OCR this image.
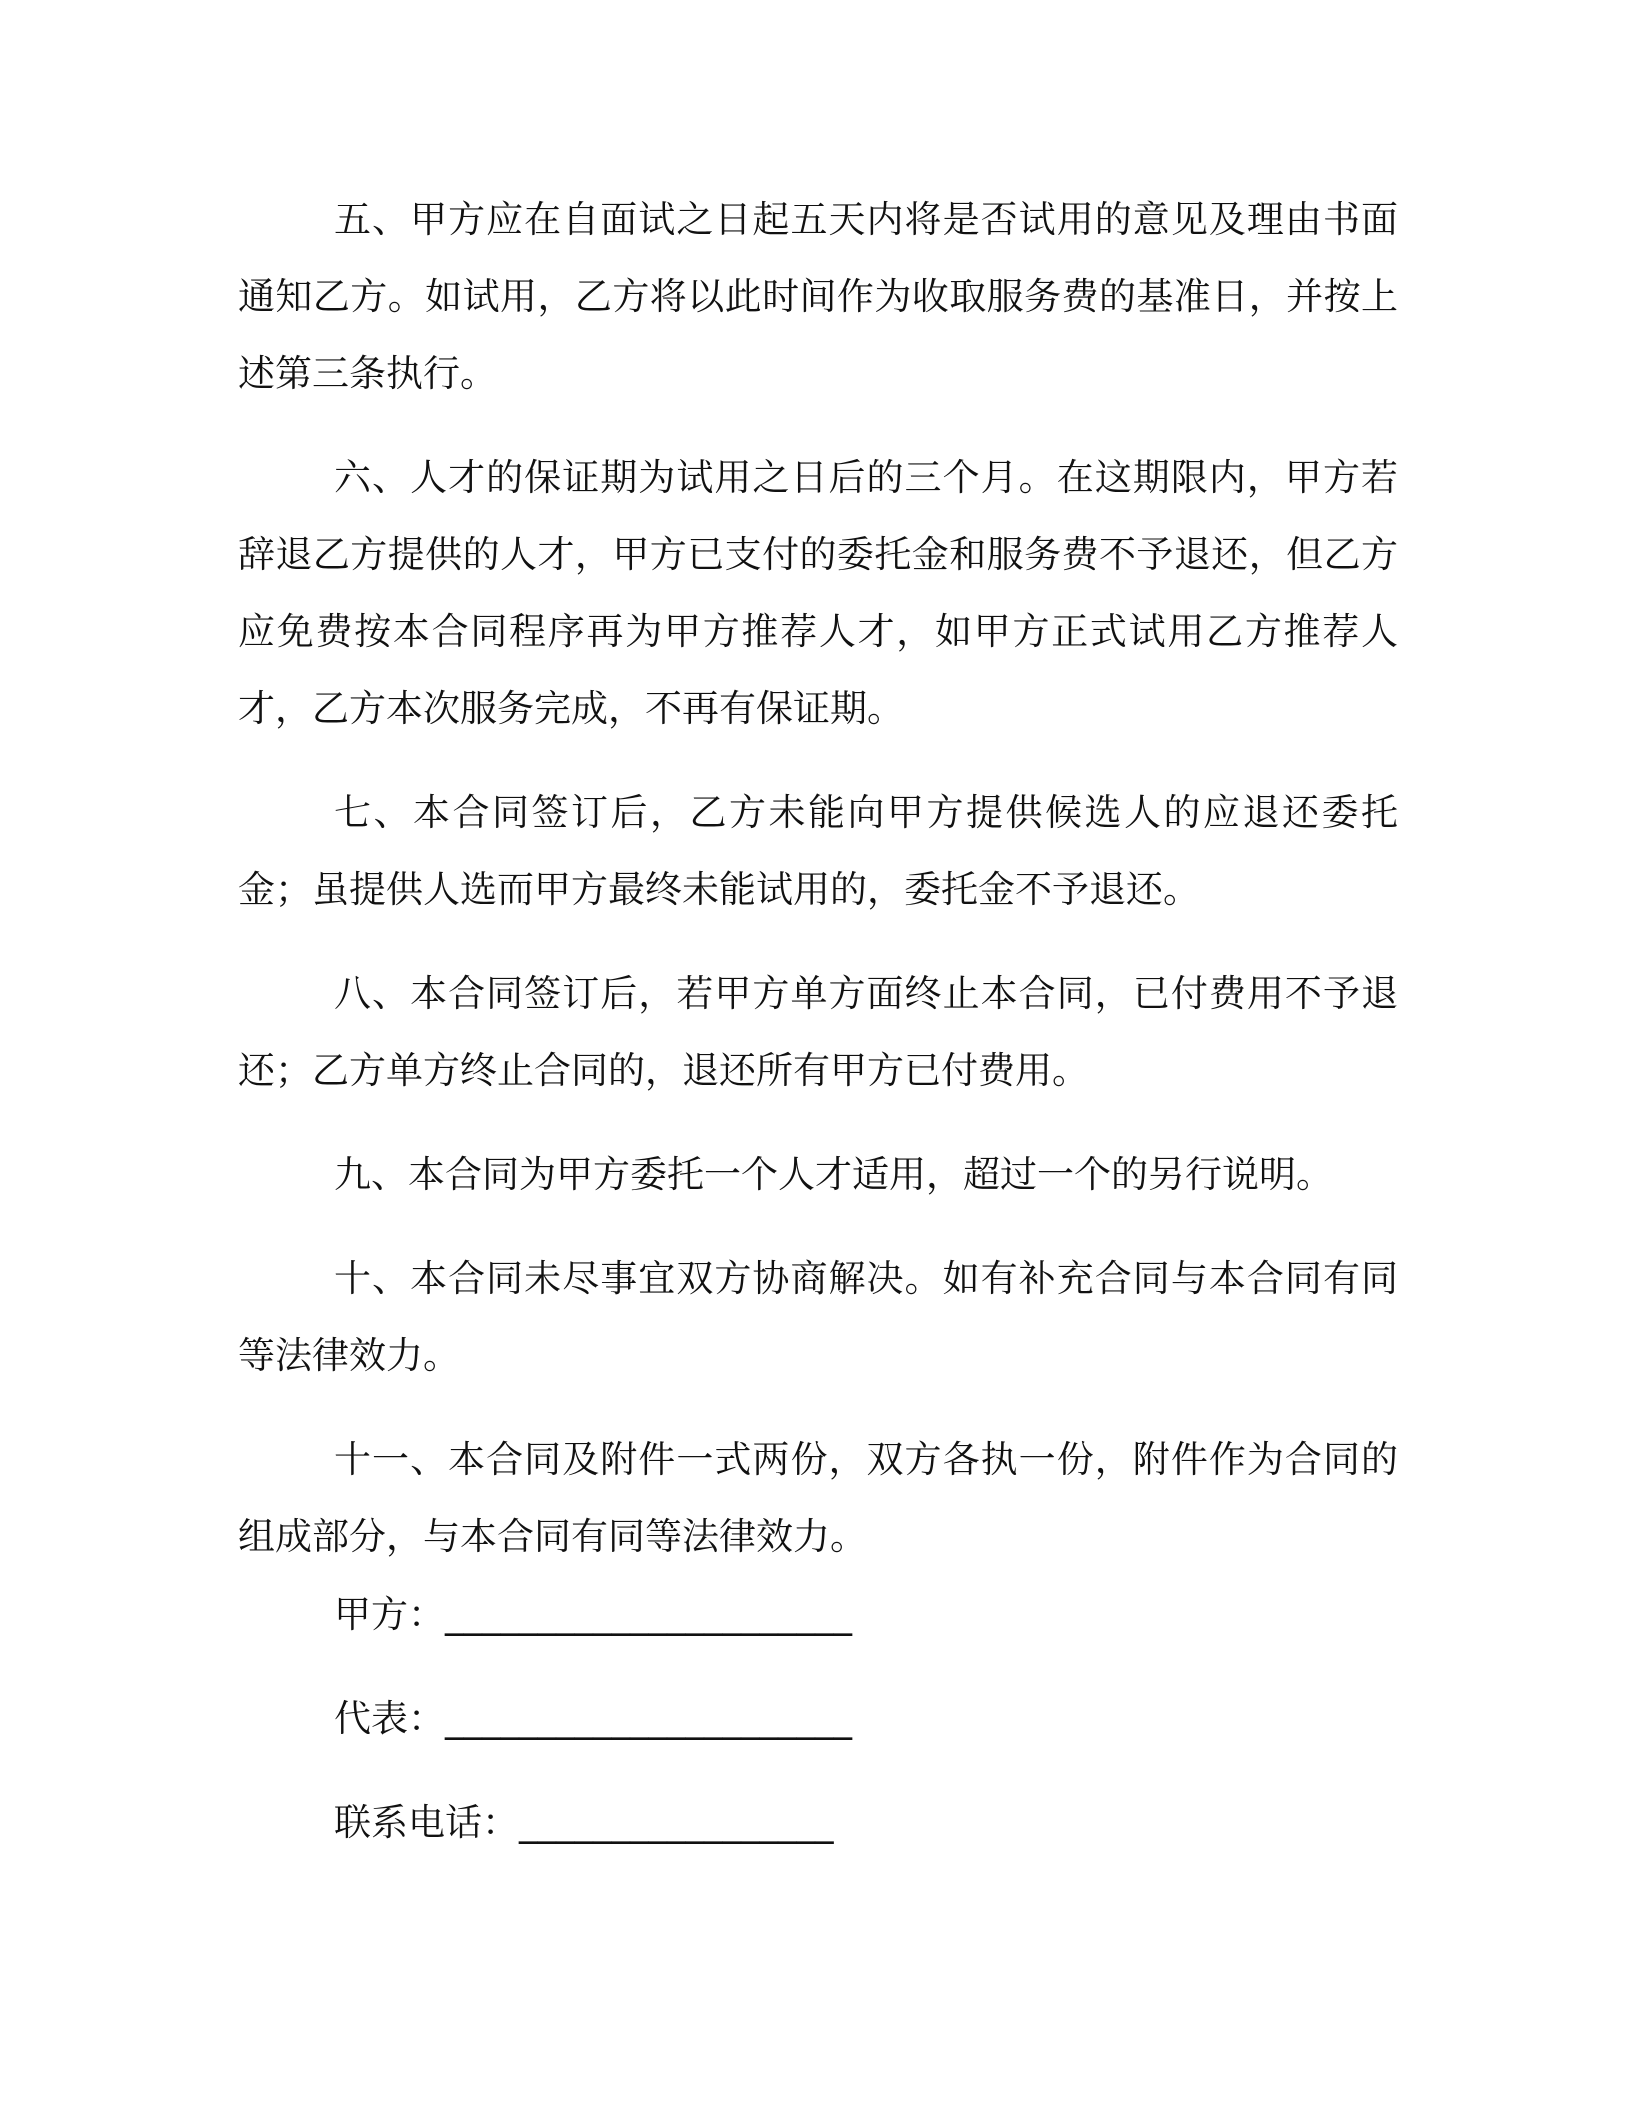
五、甲方应在自面试之日起五天内将是否试用的意见及理由书面通知乙方。如试用，乙方将以此时间作为收取服务费的基准日，并按上述第三条执行。

六、人才的保证期为试用之日后的三个月。在这期限内，甲方若辞退乙方提供的人才，甲方已支付的委托金和服务费不予退还，但乙方应免费按本合同程序再为甲方推荐人才，如甲方正式试用乙方推荐人才，乙方本次服务完成，不再有保证期。

七、本合同签订后，乙方未能向甲方提供候选人的应退还委托金；虽提供人选而甲方最终未能试用的，委托金不予退还。

八、本合同签订后，若甲方单方面终止本合同，已付费用不予退还；乙方单方终止合同的，退还所有甲方已付费用。

九、本合同为甲方委托一个人才适用，超过一个的另行说明。

十、本合同未尽事宜双方协商解决。如有补充合同与本合同有同等法律效力。

十一、本合同及附件一式两份，双方各执一份，附件作为合同的组成部分，与本合同有同等法律效力。

甲方： ______________________
代表： ______________________
联系电话： _________________
